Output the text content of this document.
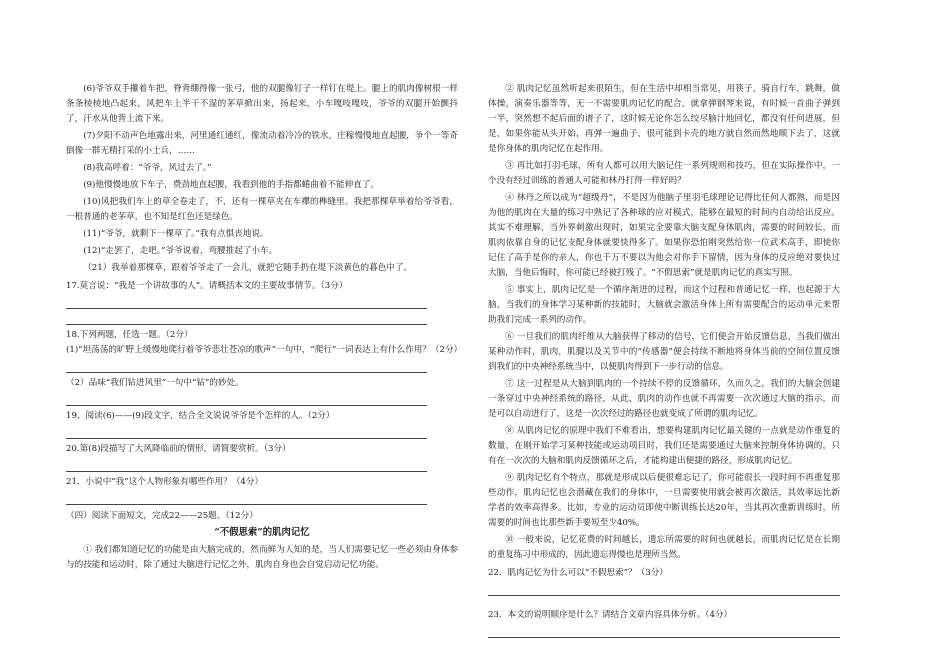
(6)爷爷双手攥着车把，脊背绷得像一张弓，他的双腿像钉子一样钉在堤上。腿上的肌肉像树根一样条条棱棱地凸起来，风把车上半干不湿的茅草掀出来，扬起来，小车嘎吱嘎吱，爷爷的双腿开始颤抖了，汗水从他背上流下来。

(7)夕阳不动声色地露出来，河里通红通红，像流动着冷冷的铁水，庄稼慢慢地直起腰，争个一等奇倒像一群无精打采的小士兵，……

(8)我高呼着：“爷爷，风过去了。”

(9)他慢慢地放下车子，费劲地直起腰，我看到他的手指都蜷曲着不能伸直了。

(10)风把我们车上的草全卷走了，不，还有一棵草夹在车襻的榫缝里。我把那棵草举着给爷爷看，一根普通的老茅草，也不知是红色还是绿色。

(11)“爷爷，就剩下一棵草了。”我有点惧丧地说。

(12)“走罢了，走吧。”爷爷说着，弯腰推起了小车。

（21）我举着那棵草，跟着爷爷走了一会儿，就把它随手扔在堤下淡黄色的暮色中了。

17.莫言说：“我是一个讲故事的人”。请概括本文的主要故事情节。（3分）

18.下列两题，任选一题。（2分）

(1)“坦荡荡的旷野上缓慢地爬行着爷爷悲壮苍凉的歌声”一句中，“爬行”一词表达上有什么作用？（2分）

（2）品味“我们钻进风里”一句中“钻”的妙处。

19、阅读(6)——(9)段文字，结合全文说说爷爷是个怎样的人。（2分）

20.第(8)段描写了大风降临前的情形，请简要赏析。（3分）

21．小说中“我”这个人物形象有哪些作用？（4分）

（四）阅读下面短文，完成22——25题。（12分）

“不假思索”的肌肉记忆

① 我们都知道记忆的功能是由大脑完成的，然而鲜为人知的是，当人们需要记忆一些必须由身体参与的技能和运动时，除了通过大脑进行记忆之外，肌肉自身也会自觉启动记忆功能。

② 肌肉记忆虽然听起来很陌生，但在生活中却相当常见，用筷子，骑自行车，跳舞，做体操，演奏乐器等等，无一不需要肌肉记忆的配合，就拿弹钢琴来说，有时候一首曲子弹到一半，突然想不起后面的谱子了，这时候无论你怎么绞尽脑汁地回忆，都没有任何进展，但是，如果你能从头开始，再弹一遍曲子，很可能到卡壳的地方就自然而然地顺下去了，这就是你身体的肌肉记忆在起作用。

③ 再比如打羽毛球，所有人都可以用大脑记住一系列规则和技巧，但在实际操作中，一个没有经过训练的普通人可能和林丹打得一样好吗？

④ 林丹之所以成为“超级丹”，不是因为他脑子里羽毛球理论记得比任何人都熟，而是因为他的肌肉在大量的练习中熟记了各种球的应对模式，能够在最短的时间内自动给出反应。其实不难理解，当外界刺激出现时，如果完全要靠大脑支配身体肌肉，需要的时间较长，而肌肉依靠自身的记忆支配身体就要快得多了。如果你恐怕刚突然给你一位武术高手，即使你记住了高手是你的亲人，你也千万不要以为他会对你手下留情，因为身体的反应绝对要快过大脑，当他后悔时，你可能已经被打残了。“不假思索”就是肌肉记忆的真实写照。

⑤ 事实上，肌肉记忆是一个循序渐进的过程，而这个过程和普通记忆一样，也起源于大脑，当我们的身体学习某种新的技能时，大脑就会激活身体上所有需要配合的运动单元来帮助我们完成一系列的动作。

⑥ 一旦我们的肌肉纤维从大脑获得了移动的信号，它们便会开始反馈信息，当我们做出某种动作时，肌肉，肌腱以及关节中的“传感器”便会持续不断地将身体当前的空间位置反馈到我们的中央神经系统当中，以便肌肉得到下一步行动的信息。

⑦ 这一过程是从大脑到肌肉的一个持续不停的反馈循环，久而久之，我们的大脑会创建一条穿过中央神经系统的路径，从此，肌肉的动作也就不再需要一次次通过大脑的指示，而是可以自动进行了，这是一次次经过的路径也就变成了所谓的肌肉记忆。

⑧ 从肌肉记忆的原理中我们不难看出，想要构建肌肉记忆最关键的一点就是动作重复的数量，在刚开始学习某种技能或运动项目时，我们还是需要通过大脑来控制身体协调的，只有在一次次的大脑和肌肉反馈循环之后，才能构建出便捷的路径，形成肌肉记忆。

⑨ 肌肉记忆有个特点，那就是形成以后便很难忘记了，你可能很长一段时间不再重复那些动作，肌肉记忆也会潜藏在我们的身体中，一旦需要使用就会被再次激活，其效率远比新学者的效率高得多。比如，专业的运动员即使中断训练长达20年，当其再次重新训练时，所需要的时间也比那些新手要短至少40%。

⑩ 一般来说，记忆花费的时间越长，遗忘所需要的时间也就越长，而肌肉记忆是在长期的重复练习中形成的，因此遗忘得慢也是理所当然。

22．肌肉记忆为什么可以“不假思索”？（3分）

23．本文的说明顺序是什么？请结合文章内容具体分析。（4分）
